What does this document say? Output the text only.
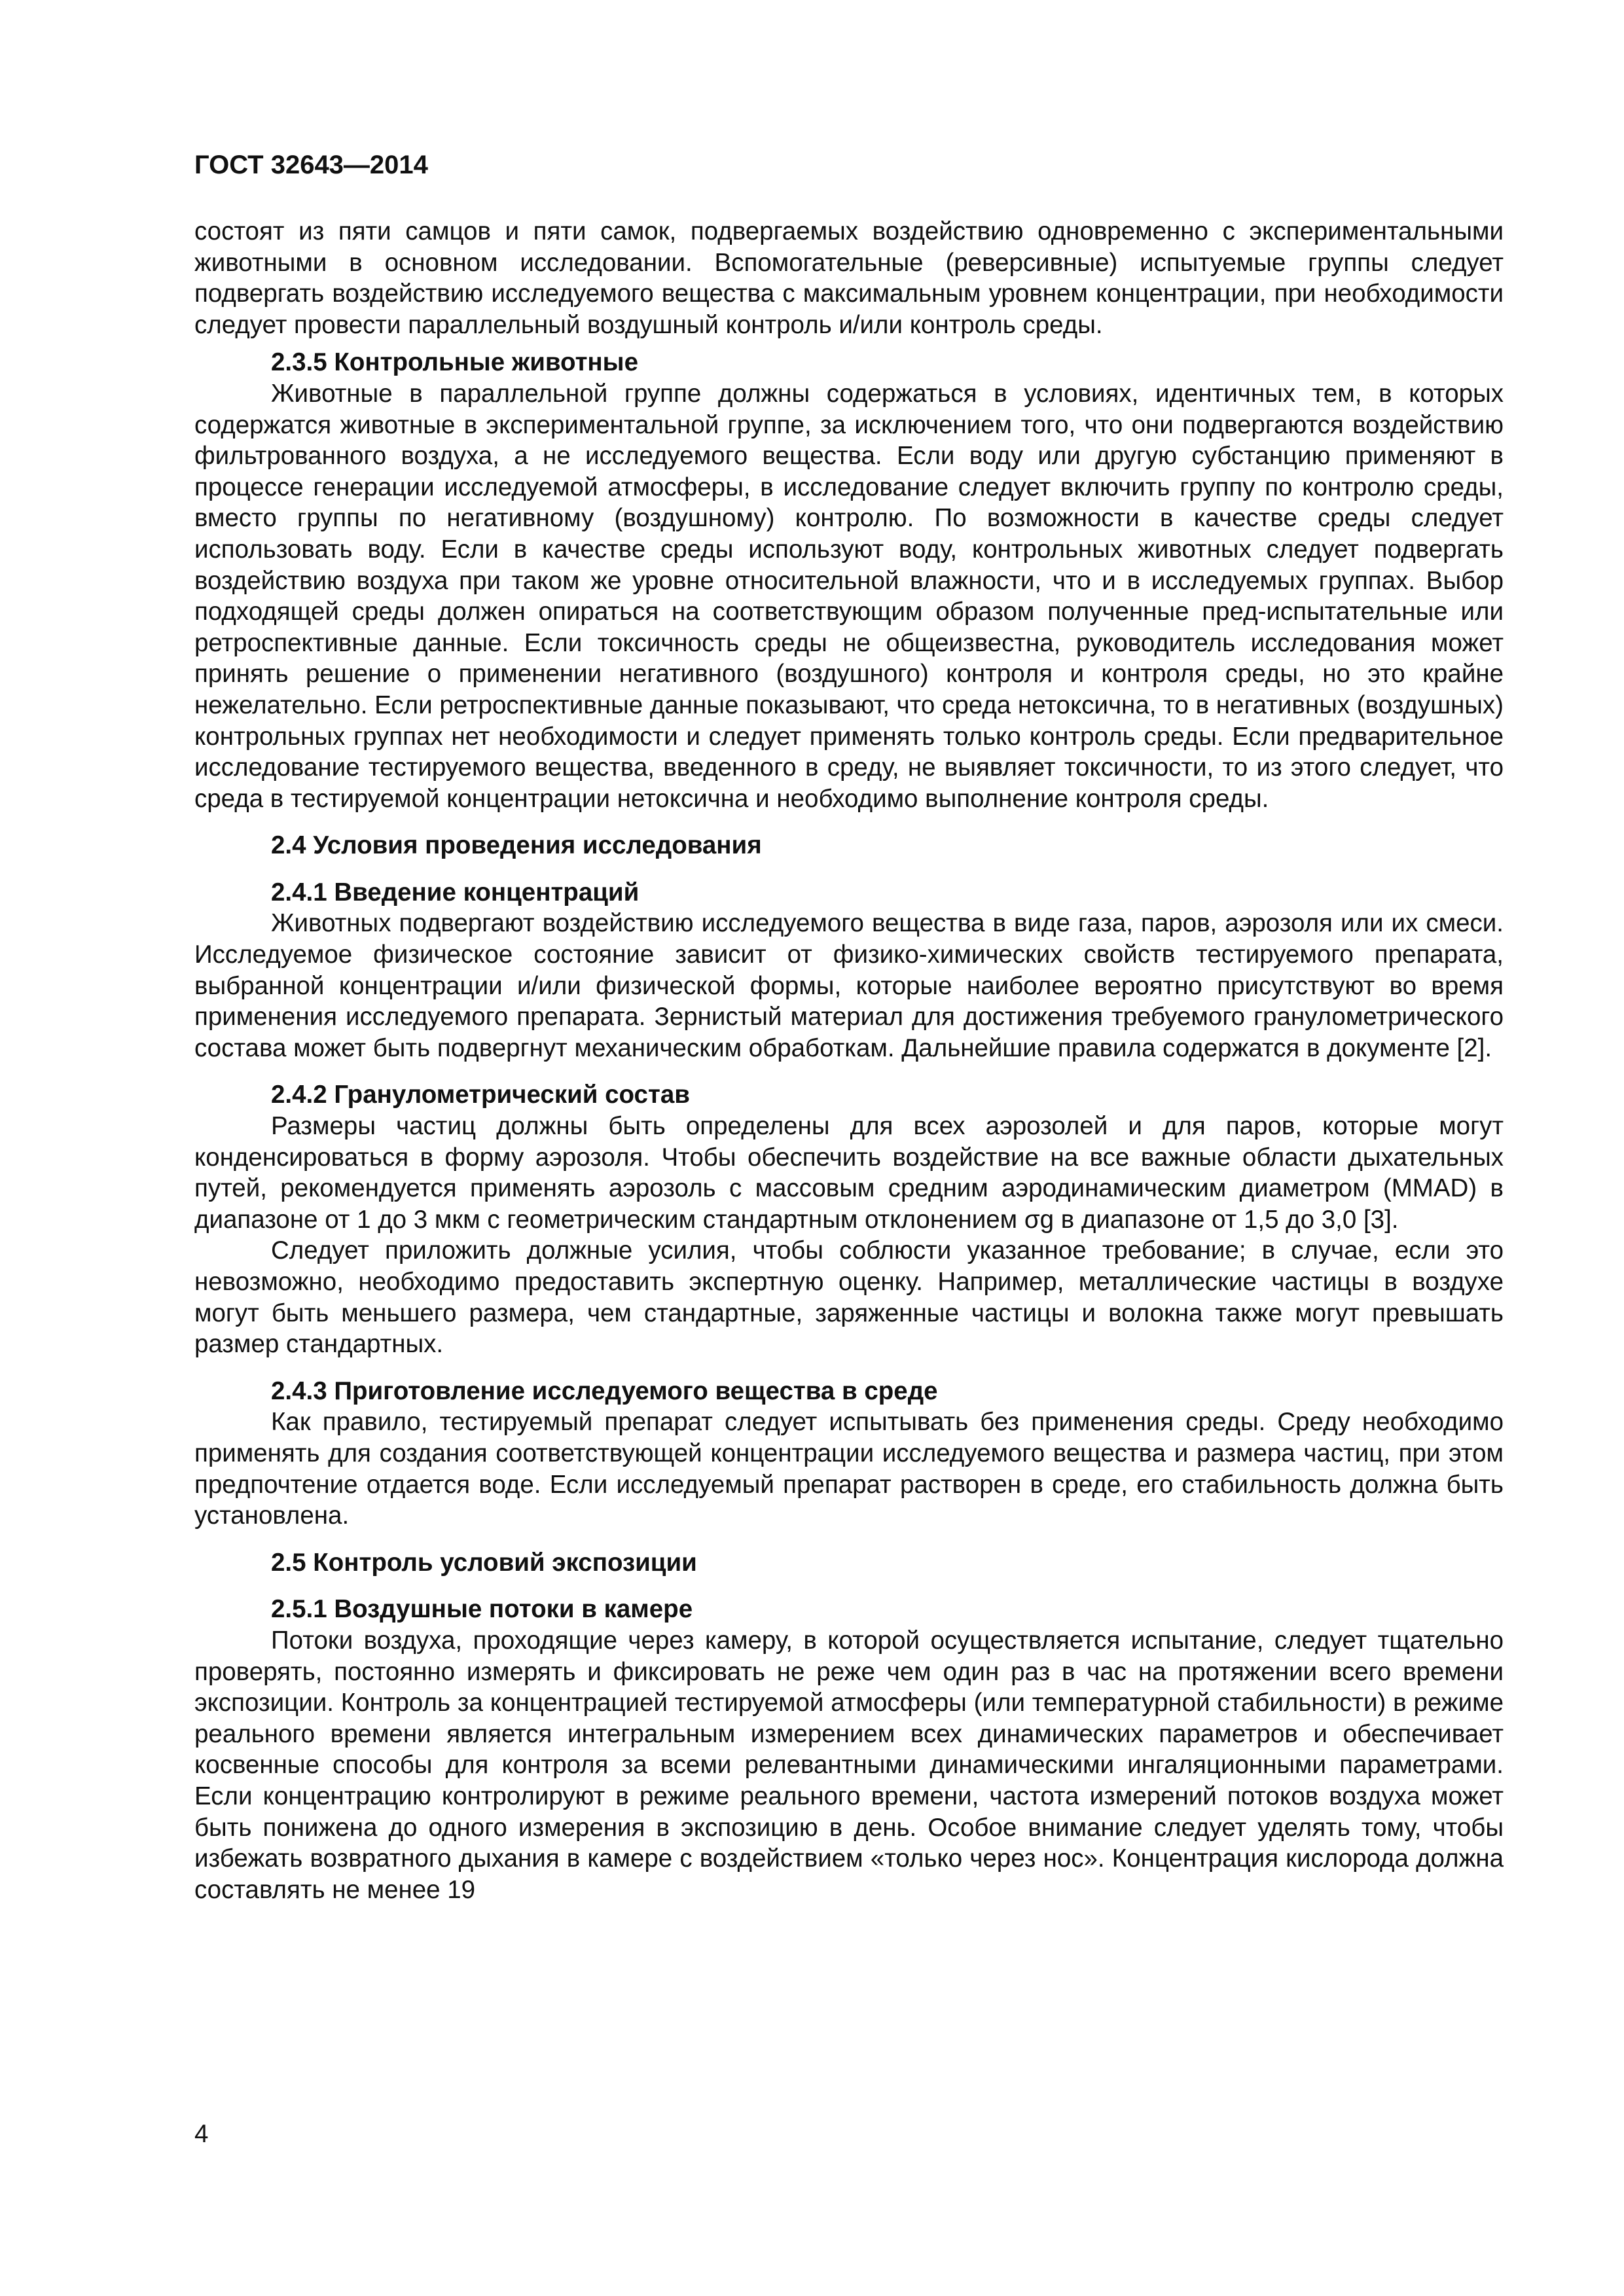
ГОСТ 32643—2014

состоят из пяти самцов и пяти самок, подвергаемых воздействию одновременно с экспериментальными животными в основном исследовании. Вспомогательные (реверсивные) испытуемые группы следует подвергать воздействию исследуемого вещества с максимальным уровнем концентрации, при необходимости следует провести параллельный воздушный контроль и/или контроль среды.

2.3.5 Контрольные животные

Животные в параллельной группе должны содержаться в условиях, идентичных тем, в которых содержатся животные в экспериментальной группе, за исключением того, что они подвергаются воздействию фильтрованного воздуха, а не исследуемого вещества. Если воду или другую субстанцию применяют в процессе генерации исследуемой атмосферы, в исследование следует включить группу по контролю среды, вместо группы по негативному (воздушному) контролю. По возможности в качестве среды следует использовать воду. Если в качестве среды используют воду, контрольных животных следует подвергать воздействию воздуха при таком же уровне относительной влажности, что и в исследуемых группах. Выбор подходящей среды должен опираться на соответствующим образом полученные пред-испытательные или ретроспективные данные. Если токсичность среды не общеизвестна, руководитель исследования может принять решение о применении негативного (воздушного) контроля и контроля среды, но это крайне нежелательно. Если ретроспективные данные показывают, что среда нетоксична, то в негативных (воздушных) контрольных группах нет необходимости и следует применять только контроль среды. Если предварительное исследование тестируемого вещества, введенного в среду, не выявляет токсичности, то из этого следует, что среда в тестируемой концентрации нетоксична и необходимо выполнение контроля среды.

2.4 Условия проведения исследования

2.4.1 Введение концентраций

Животных подвергают воздействию исследуемого вещества в виде газа, паров, аэрозоля или их смеси. Исследуемое физическое состояние зависит от физико-химических свойств тестируемого препарата, выбранной концентрации и/или физической формы, которые наиболее вероятно присутствуют во время применения исследуемого препарата. Зернистый материал для достижения требуемого гранулометрического состава может быть подвергнут механическим обработкам. Дальнейшие правила содержатся в документе [2].

2.4.2 Гранулометрический состав

Размеры частиц должны быть определены для всех аэрозолей и для паров, которые могут конденсироваться в форму аэрозоля. Чтобы обеспечить воздействие на все важные области дыхательных путей, рекомендуется применять аэрозоль с массовым средним аэродинамическим диаметром (MMAD) в диапазоне от 1 до 3 мкм с геометрическим стандартным отклонением σg в диапазоне от 1,5 до 3,0 [3].

Следует приложить должные усилия, чтобы соблюсти указанное требование; в случае, если это невозможно, необходимо предоставить экспертную оценку. Например, металлические частицы в воздухе могут быть меньшего размера, чем стандартные, заряженные частицы и волокна также могут превышать размер стандартных.

2.4.3 Приготовление исследуемого вещества в среде

Как правило, тестируемый препарат следует испытывать без применения среды. Среду необходимо применять для создания соответствующей концентрации исследуемого вещества и размера частиц, при этом предпочтение отдается воде. Если исследуемый препарат растворен в среде, его стабильность должна быть установлена.

2.5 Контроль условий экспозиции

2.5.1 Воздушные потоки в камере

Потоки воздуха, проходящие через камеру, в которой осуществляется испытание, следует тщательно проверять, постоянно измерять и фиксировать не реже чем один раз в час на протяжении всего времени экспозиции. Контроль за концентрацией тестируемой атмосферы (или температурной стабильности) в режиме реального времени является интегральным измерением всех динамических параметров и обеспечивает косвенные способы для контроля за всеми релевантными динамическими ингаляционными параметрами. Если концентрацию контролируют в режиме реального времени, частота измерений потоков воздуха может быть понижена до одного измерения в экспозицию в день. Особое внимание следует уделять тому, чтобы избежать возвратного дыхания в камере с воздействием «только через нос». Концентрация кислорода должна составлять не менее 19

4
